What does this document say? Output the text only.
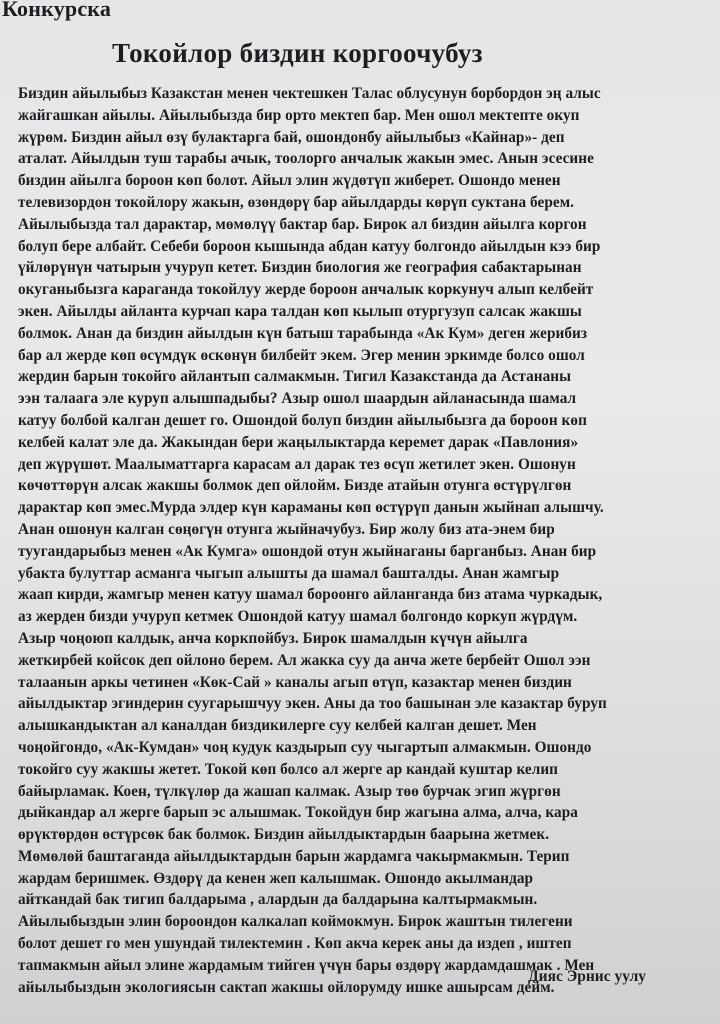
Конкурска
Токойлор биздин коргоочубуз
Биздин айылыбыз Казакстан менен чектешкен Талас облусунун борбордон эң алыс
жайгашкан айылы. Айылыбызда бир орто мектеп бар. Мен ошол мектепте окуп
жүрөм. Биздин айыл өзү булактарга бай, ошондонбу айылыбыз «Кайнар»- деп
аталат. Айылдын туш тарабы ачык, тоолорго анчалык жакын эмес. Анын эсесине
биздин айылга бороон көп болот. Айыл элин жүдөтүп жиберет. Ошондо менен
телевизордон токойлору жакын, өзөндөрү бар айылдарды көрүп суктана берем.
Айылыбызда тал дарактар, мөмөлүү бактар бар. Бирок ал биздин айылга коргон
болуп бере албайт. Себеби бороон кышында абдан катуу болгондо айылдын кээ бир
үйлөрүнүн чатырын учуруп кетет. Биздин биология же география сабактарынан
окуганыбызга караганда токойлуу жерде бороон анчалык коркунуч алып келбейт
экен. Айылды айланта курчап кара талдан көп кылып отургузуп салсак жакшы
болмок. Анан да биздин айылдын күн батыш тарабында «Ак Кум» деген жерибиз
бар ал жерде көп өсүмдүк өскөнүн билбейт экем. Эгер менин эркимде болсо ошол
жердин барын токойго айлантып салмакмын. Тигил Казакстанда да Астананы
ээн талаага эле куруп алышпадыбы? Азыр ошол шаардын айланасында шамал
катуу болбой калган дешет го. Ошондой болуп биздин айылыбызга да бороон көп
келбей калат эле да. Жакындан бери жаңылыктарда керемет дарак «Павлония»
деп жүрүшөт. Маалыматтарга карасам ал дарак тез өсүп жетилет экен. Ошонун
көчөттөрүн алсак жакшы болмок деп ойлойм. Бизде атайын отунга өстүрүлгөн
дарактар көп эмес.Мурда элдер күн караманы көп өстүрүп данын жыйнап алышчу.
Анан ошонун калган сөңөгүн отунга жыйначубуз. Бир жолу биз ата-энем бир
туугандарыбыз менен «Ак Кумга» ошондой отун жыйнаганы барганбыз. Анан бир
убакта булуттар асманга чыгып алышты да шамал башталды. Анан жамгыр
жаап кирди, жамгыр менен катуу шамал бороонго айланганда биз атама чуркадык,
аз жерден бизди учуруп кетмек Ошондой катуу шамал болгондо коркуп жүрдүм.
Азыр чоңоюп калдык, анча коркпойбуз. Бирок шамалдын күчүн айылга
жеткирбей койсок деп ойлоно берем. Ал жакка суу да анча жете бербейт Ошол ээн
талаанын аркы четинен «Көк-Сай » каналы агып өтүп, казактар менен биздин
айылдыктар эгиндерин суугарышчуу экен. Аны да тоо башынан эле казактар буруп
алышкандыктан ал каналдан биздикилерге суу келбей калган дешет. Мен
чоңойгондо, «Ак-Кумдан» чоң кудук каздырып суу чыгартып алмакмын. Ошондо
токойго суу жакшы жетет. Токой көп болсо ал жерге ар кандай куштар келип
байырламак. Коен, түлкүлөр да жашап калмак. Азыр төө бурчак эгип жүргөн
дыйкандар ал жерге барып эс алышмак. Токойдун бир жагына алма, алча, кара
өрүктөрдөн өстүрсөк бак болмок. Биздин айылдыктардын баарына жетмек.
Мөмөлөй баштаганда айылдыктардын барын жардамга чакырмакмын. Терип
жардам беришмек. Өздөрү да кенен жеп калышмак. Ошондо акылмандар
айткандай бак тигип балдарыма , алардын да балдарына калтырмакмын.
Айылыбыздын элин бороондон калкалап коймокмун. Бирок жаштын тилегени
болот дешет го мен ушундай тилектемин . Көп акча керек аны да издеп , иштеп
тапмакмын айыл элине жардамым тийген үчүн бары өздөрү жардамдашмак . Мен
айылыбыздын экологиясын сактап жакшы ойлорумду ишке ашырсам дейм.
Дияс Эрнис уулу
